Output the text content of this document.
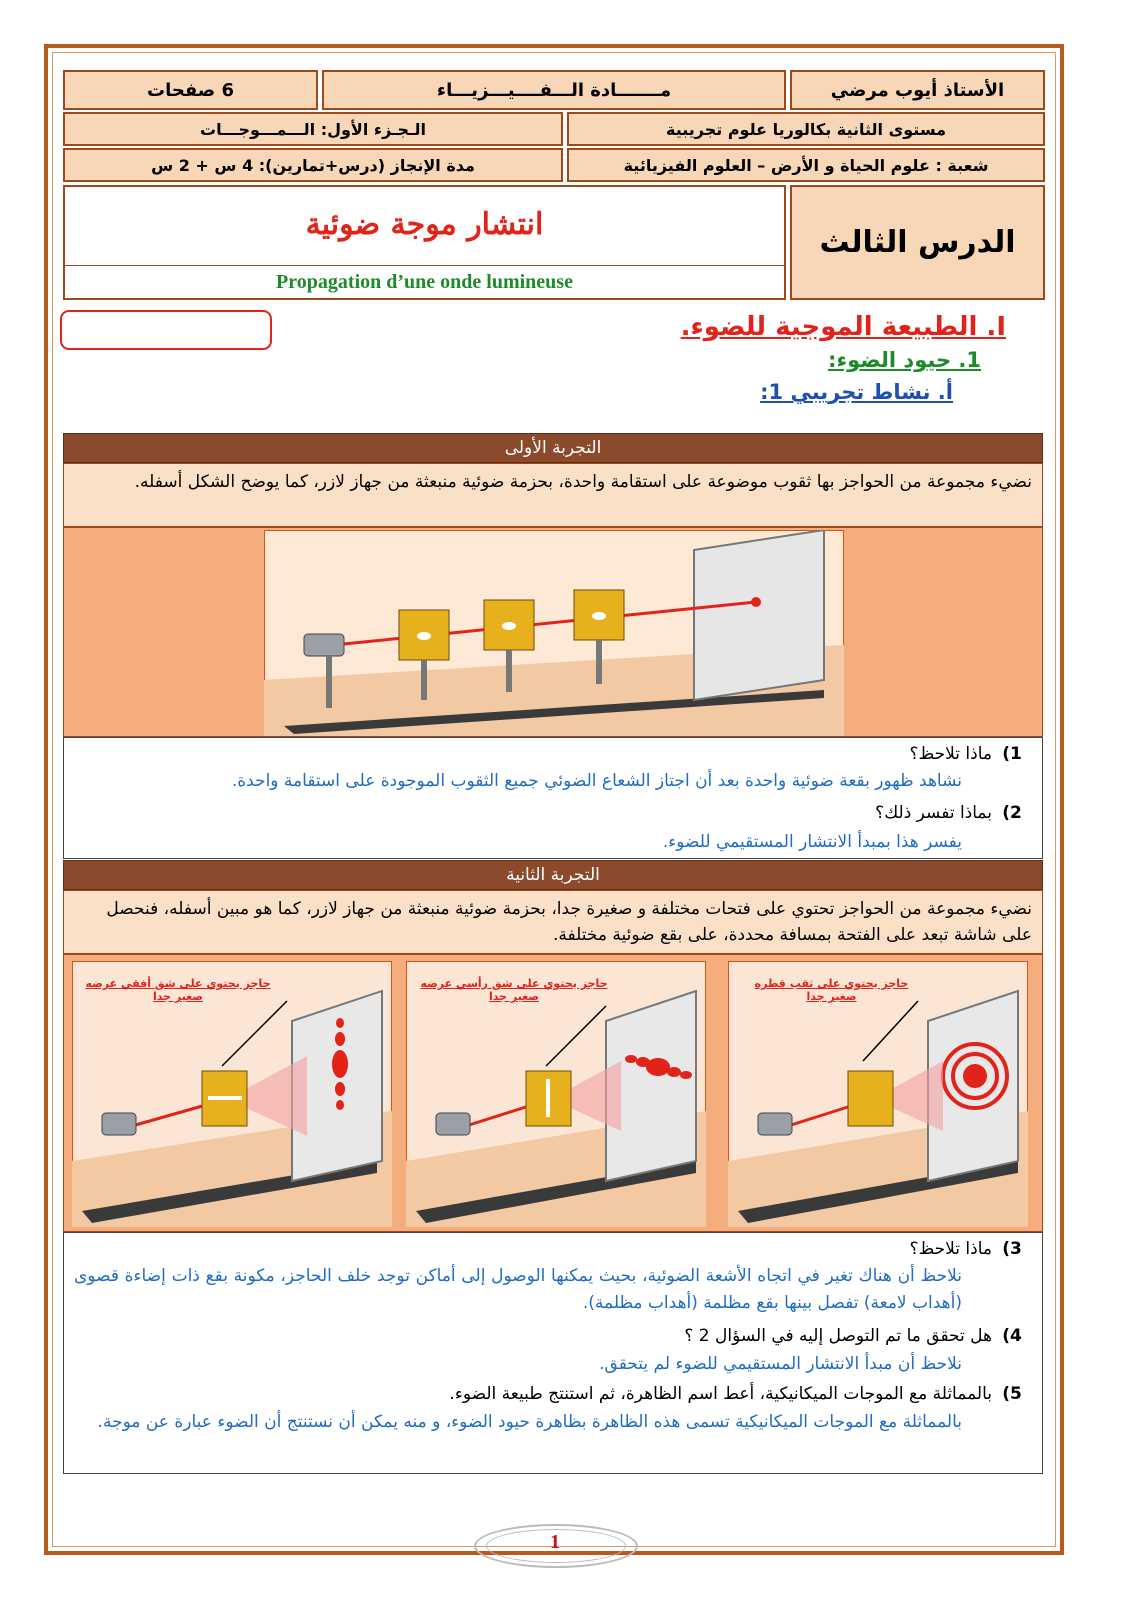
الأستاذ أيوب مرضي
مـــــــادة الـــفــــيـــزيـــاء
6 صفحات
مستوى الثانية بكالوريا علوم تجريبية
الـجـزء الأول: الـــمـــوجـــات
شعبة : علوم الحياة و الأرض – العلوم الفيزيائية
مدة الإنجاز (درس+تمارين): 4 س + 2 س
انتشار موجة ضوئية
Propagation d’une onde lumineuse
الدرس الثالث
I. الطبيعة الموجية للضوء.
1. حيود الضوء:
أ. نشاط تجريبي 1:
التجربة الأولى
نضيء مجموعة من الحواجز بها ثقوب موضوعة على استقامة واحدة، بحزمة ضوئية منبعثة من جهاز لازر، كما يوضح الشكل أسفله.
1)
ماذا تلاحظ؟
نشاهد ظهور بقعة ضوئية واحدة بعد أن اجتاز الشعاع الضوئي جميع الثقوب الموجودة على استقامة واحدة.
2)
بماذا تفسر ذلك؟
يفسر هذا بمبدأ الانتشار المستقيمي للضوء.
التجربة الثانية
نضيء مجموعة من الحواجز تحتوي على فتحات مختلفة و صغيرة جدا، بحزمة ضوئية منبعثة من جهاز لازر، كما هو مبين أسفله، فنحصل على شاشة تبعد على الفتحة بمسافة محددة، على بقع ضوئية مختلفة.
حاجز يحتوي على ثقب قطره صغير جدا
حاجز يحتوي على شق رأسي عرضه صغير جدا
حاجز يحتوي على شق أفقي عرضه صغير جدا
3)
ماذا تلاحظ؟
نلاحظ أن هناك تغير في اتجاه الأشعة الضوئية، بحيث يمكنها الوصول إلى أماكن توجد خلف الحاجز، مكونة بقع ذات إضاءة قصوى (أهداب لامعة) تفصل بينها بقع مظلمة (أهداب مظلمة).
4)
هل تحقق ما تم التوصل إليه في السؤال 2 ؟
نلاحظ أن مبدأ الانتشار المستقيمي للضوء لم يتحقق.
5)
بالمماثلة مع الموجات الميكانيكية، أعط اسم الظاهرة، ثم استنتج طبيعة الضوء.
بالمماثلة مع الموجات الميكانيكية تسمى هذه الظاهرة بظاهرة حيود الضوء، و منه يمكن أن نستنتج أن الضوء عبارة عن موجة.
1
